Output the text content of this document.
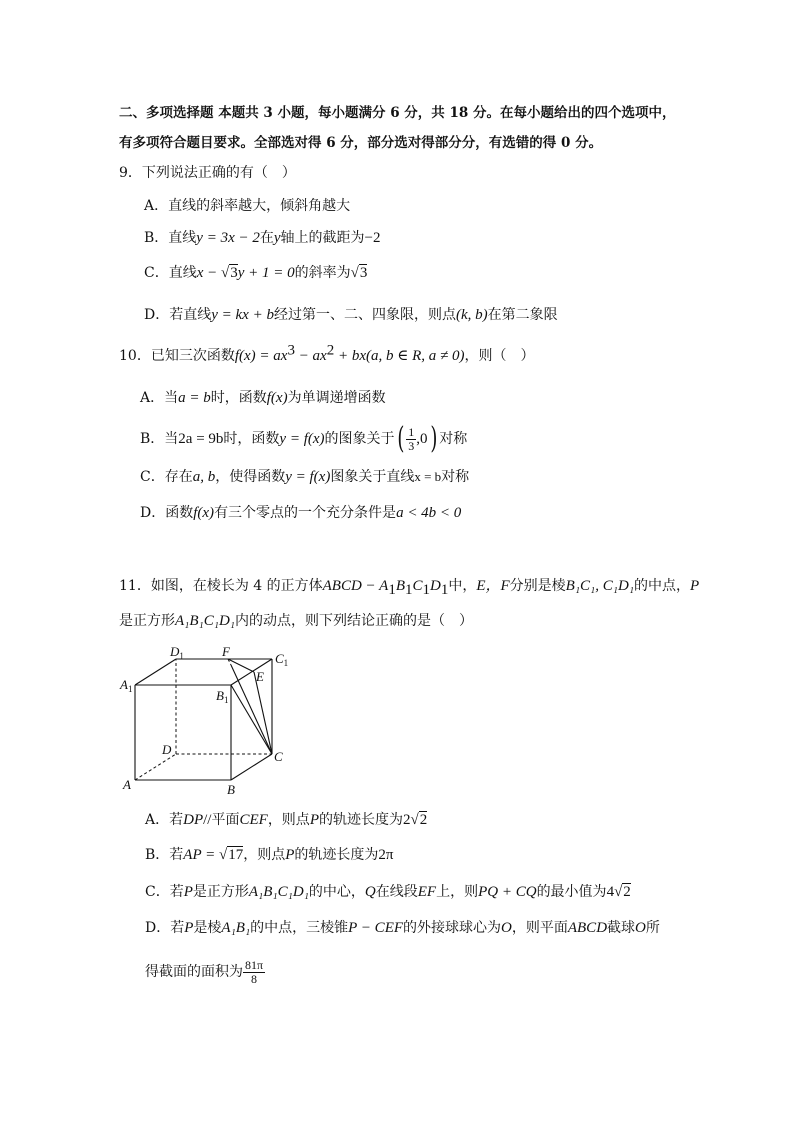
二、多项选择题 本题共 3 小题，每小题满分 6 分，共 18 分。在每小题给出的四个选项中，
有多项符合题目要求。全部选对得 6 分，部分选对得部分分，有选错的得 0 分。
9．下列说法正确的有（　）
A．直线的斜率越大，倾斜角越大
B．直线y = 3x − 2在y轴上的截距为−2
C．直线x − √3y + 1 = 0的斜率为√3
D．若直线y = kx + b经过第一、二、四象限，则点(k, b)在第二象限
10．已知三次函数$f(x) = ax^3 - ax^2 + bx(a$, b ∈ R, a ≠ 0)，则（　）
A．当a = b时，函数f(x)为单调递增函数
B．当2a = 9b时，函数y = f(x)的图象关于( $\frac{1}{3} ,0$) 对称
C．存在a, b，使得函数y = f(x)图象关于直线x = b对称
D．函数f(x)有三个零点的一个充分条件是a < 4b < 0
11．如图，在棱长为 4 的正方体ABCD − $A_1B_1C_1D_1$中，E，F分别是棱B₁C₁, C₁D₁的中点，P
是正方形A₁B₁C₁D₁内的动点，则下列结论正确的是（　）
$D_1$	F	$C_1$
$A_1$
E
$B_1$
D	C
A	B
A．若DP//平面CEF，则点P的轨迹长度为2√2
B．若AP = √17，则点P的轨迹长度为2π
C．若P是正方形A₁B₁C₁D₁的中心，Q在线段EF上，则PQ + CQ的最小值为4√2
D．若P是棱A₁B₁的中点，三棱锥P − CEF的外接球球心为O，则平面ABCD截球O所
得截面的面积为 $\frac{81\pi}{8}$
